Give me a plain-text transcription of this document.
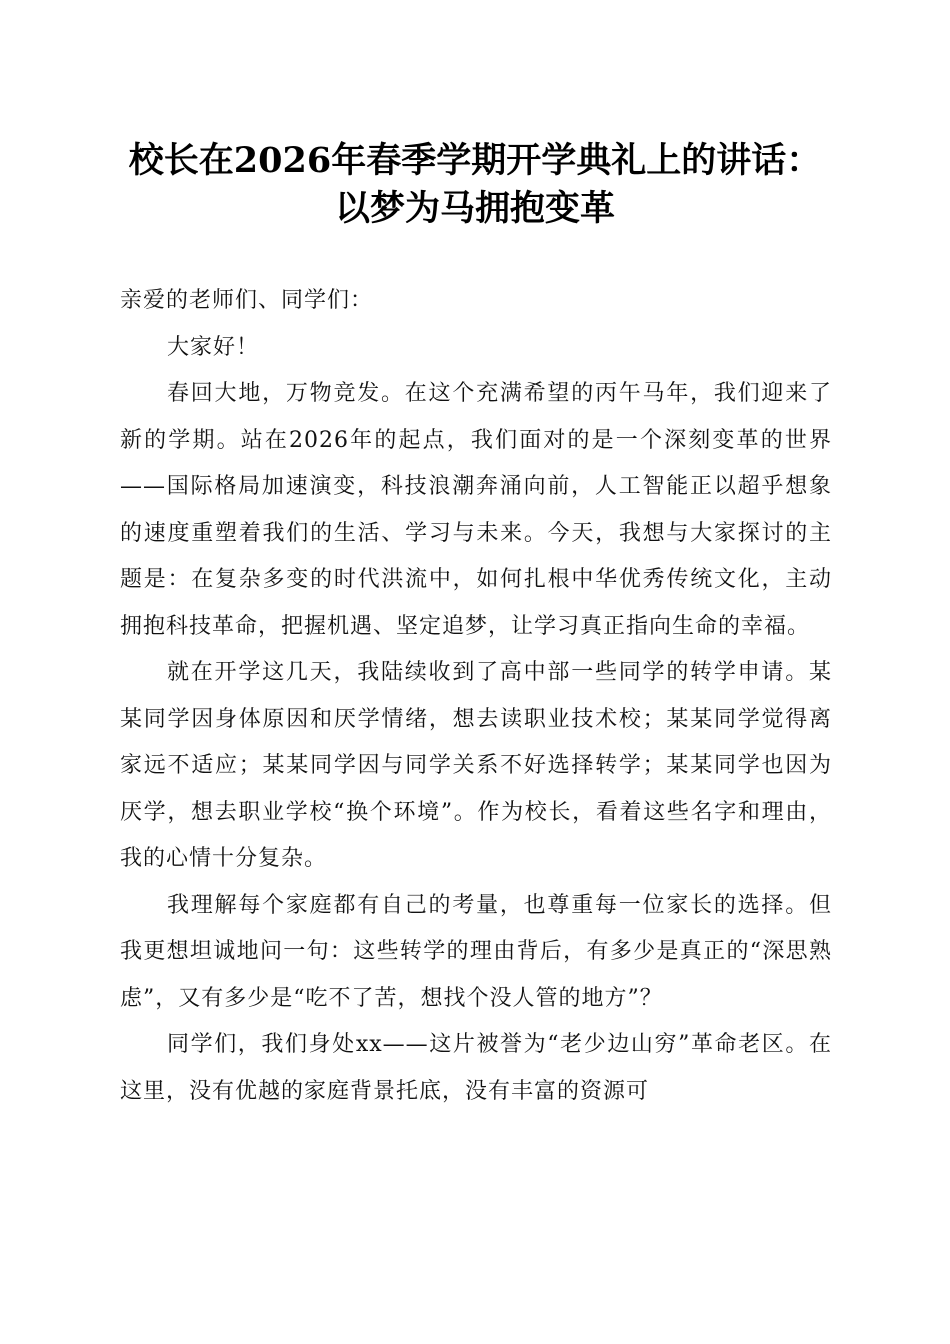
校长在2026年春季学期开学典礼上的讲话：
以梦为马拥抱变革

亲爱的老师们、同学们：

大家好！

春回大地，万物竞发。在这个充满希望的丙午马年，我们迎来了新的学期。站在2026年的起点，我们面对的是一个深刻变革的世界——国际格局加速演变，科技浪潮奔涌向前，人工智能正以超乎想象的速度重塑着我们的生活、学习与未来。今天，我想与大家探讨的主题是：在复杂多变的时代洪流中，如何扎根中华优秀传统文化，主动拥抱科技革命，把握机遇、坚定追梦，让学习真正指向生命的幸福。

就在开学这几天，我陆续收到了高中部一些同学的转学申请。某某同学因身体原因和厌学情绪，想去读职业技术校；某某同学觉得离家远不适应；某某同学因与同学关系不好选择转学；某某同学也因为厌学，想去职业学校“换个环境”。作为校长，看着这些名字和理由，我的心情十分复杂。

我理解每个家庭都有自己的考量，也尊重每一位家长的选择。但我更想坦诚地问一句：这些转学的理由背后，有多少是真正的“深思熟虑”，又有多少是“吃不了苦，想找个没人管的地方”？

同学们，我们身处xx——这片被誉为“老少边山穷”革命老区。在这里，没有优越的家庭背景托底，没有丰富的资源可
